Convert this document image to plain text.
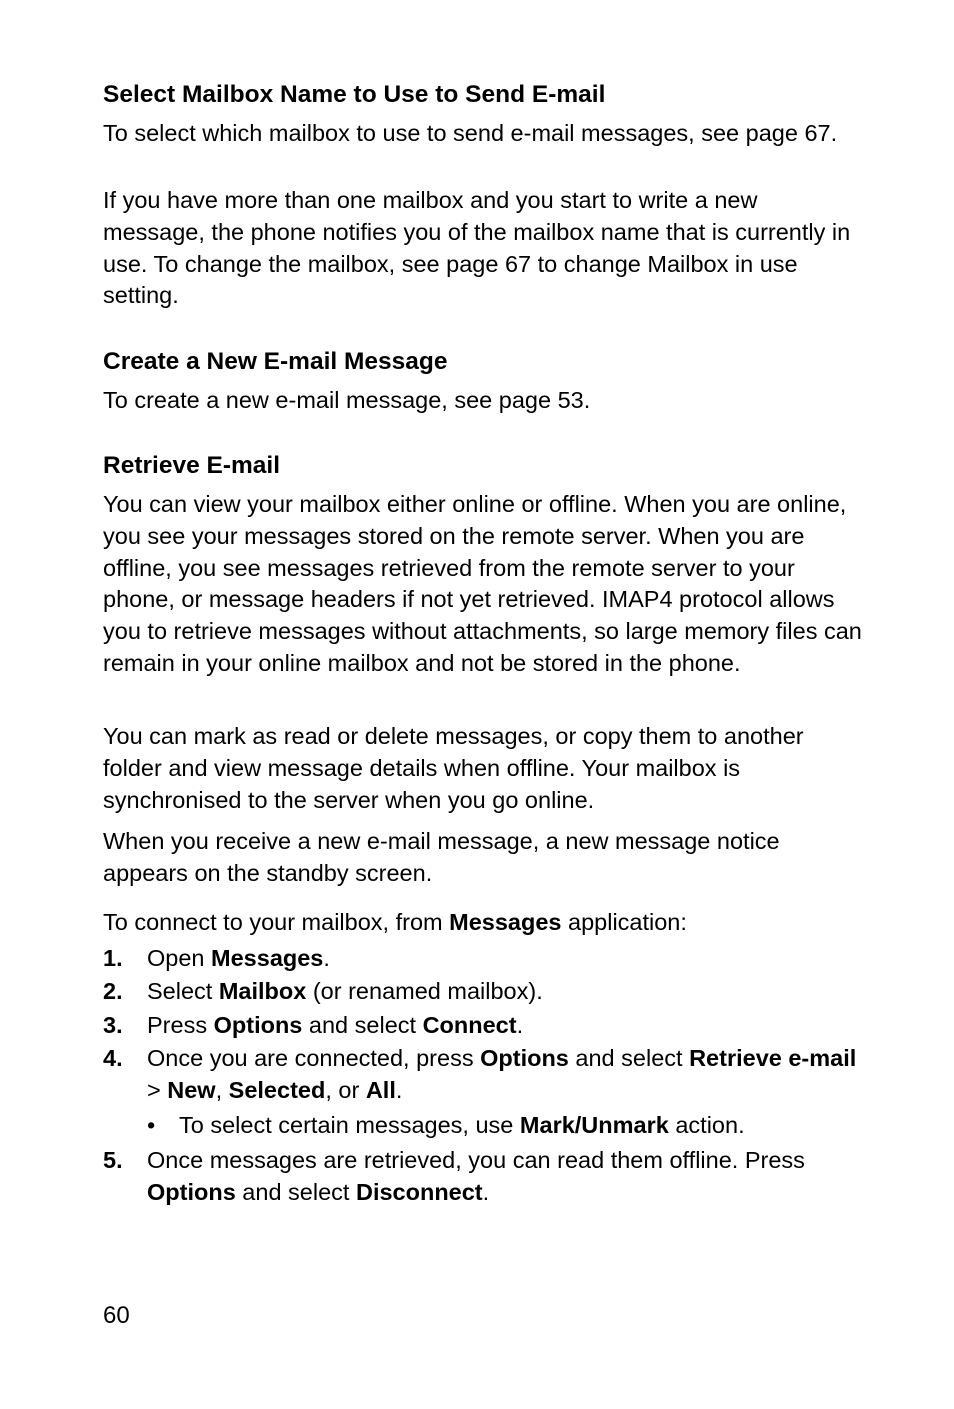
Select Mailbox Name to Use to Send E-mail

To select which mailbox to use to send e-mail messages, see page 67.

If you have more than one mailbox and you start to write a new message, the phone notifies you of the mailbox name that is currently in use. To change the mailbox, see page 67 to change Mailbox in use setting.

Create a New E-mail Message

To create a new e-mail message, see page 53.

Retrieve E-mail

You can view your mailbox either online or offline. When you are online, you see your messages stored on the remote server. When you are offline, you see messages retrieved from the remote server to your phone, or message headers if not yet retrieved. IMAP4 protocol allows you to retrieve messages without attachments, so large memory files can remain in your online mailbox and not be stored in the phone.

You can mark as read or delete messages, or copy them to another folder and view message details when offline. Your mailbox is synchronised to the server when you go online.

When you receive a new e-mail message, a new message notice appears on the standby screen.

To connect to your mailbox, from Messages application:

1. Open Messages.
2. Select Mailbox (or renamed mailbox).
3. Press Options and select Connect.
4. Once you are connected, press Options and select Retrieve e-mail > New, Selected, or All.
• To select certain messages, use Mark/Unmark action.
5. Once messages are retrieved, you can read them offline. Press Options and select Disconnect.
60
